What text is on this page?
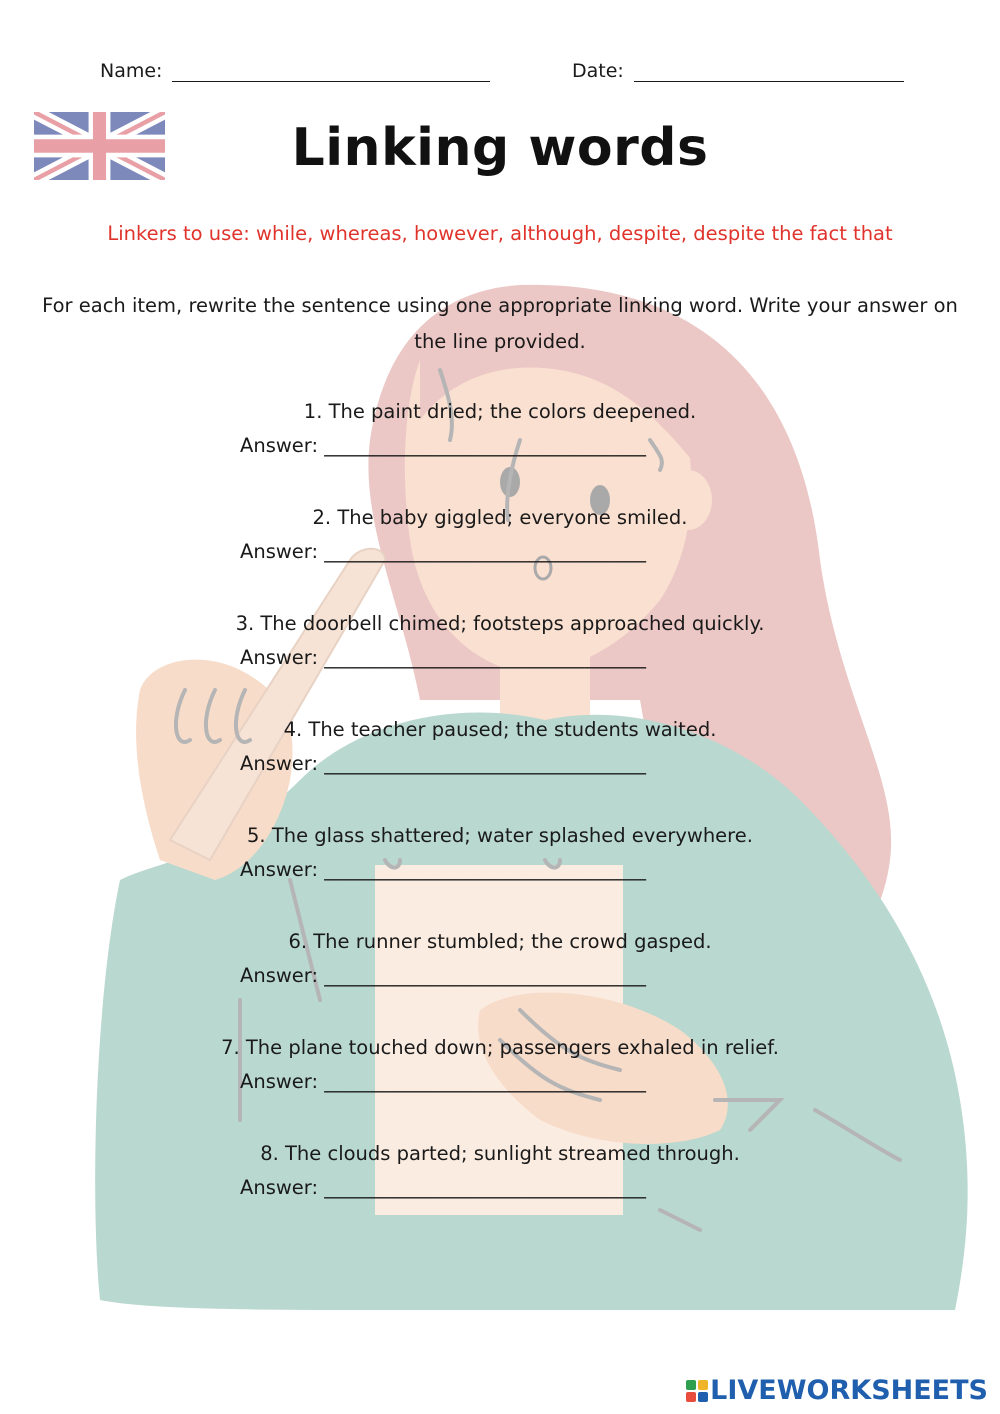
Name:	Date:
Linking words
Linkers to use: while, whereas, however, although, despite, despite the fact that
For each item, rewrite the sentence using one appropriate linking word. Write your answer on the line provided.
1. The paint dried; the colors deepened.
Answer: _________________________________
2. The baby giggled; everyone smiled.
Answer: _________________________________
3. The doorbell chimed; footsteps approached quickly.
Answer: _________________________________
4. The teacher paused; the students waited.
Answer: _________________________________
5. The glass shattered; water splashed everywhere.
Answer: _________________________________
6. The runner stumbled; the crowd gasped.
Answer: _________________________________
7. The plane touched down; passengers exhaled in relief.
Answer: _________________________________
8. The clouds parted; sunlight streamed through.
Answer: _________________________________
LIVEWORKSHEETS
